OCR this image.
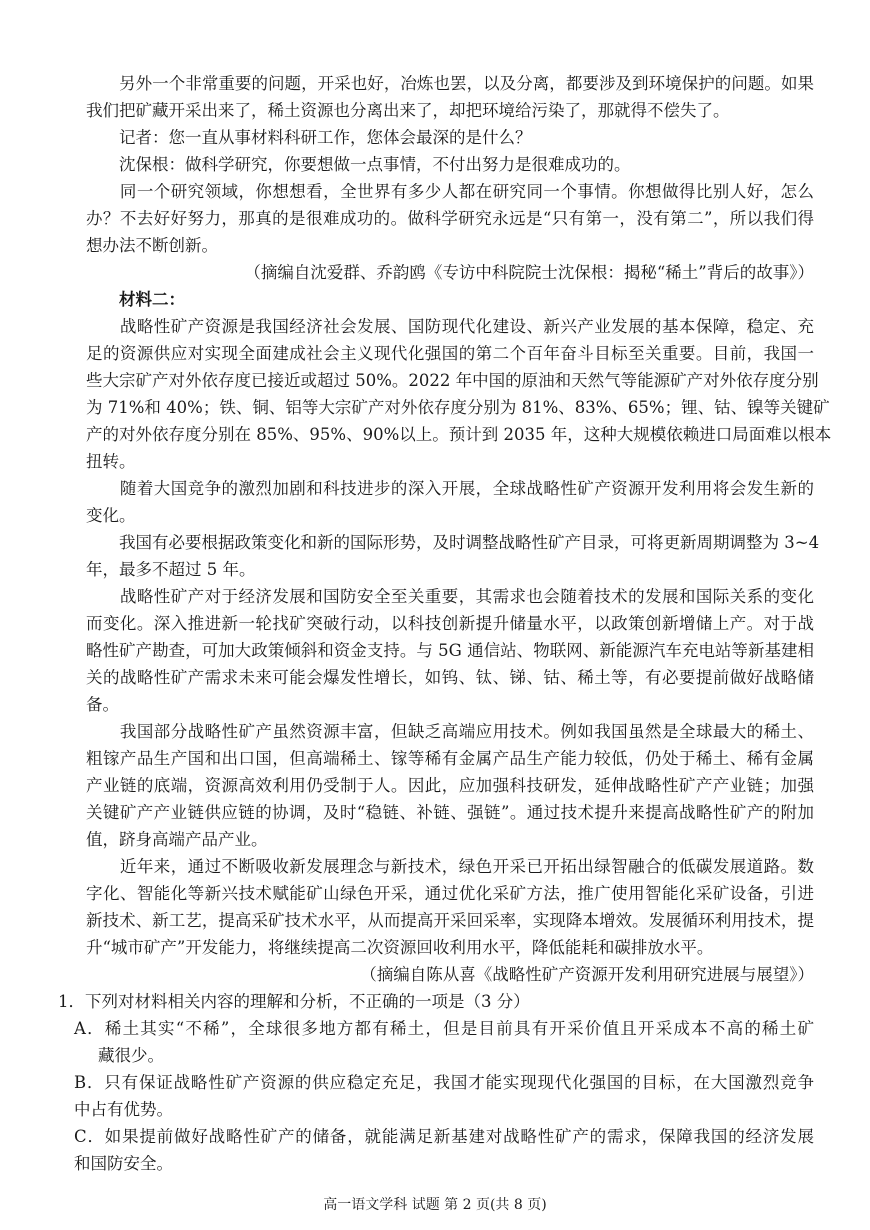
　　另外一个非常重要的问题，开采也好，冶炼也罢，以及分离，都要涉及到环境保护的问题。如果
我们把矿藏开采出来了，稀土资源也分离出来了，却把环境给污染了，那就得不偿失了。
　　记者：您一直从事材料科研工作，您体会最深的是什么？
　　沈保根：做科学研究，你要想做一点事情，不付出努力是很难成功的。
　　同一个研究领域，你想想看，全世界有多少人都在研究同一个事情。你想做得比别人好，怎么
办？不去好好努力，那真的是很难成功的。做科学研究永远是“只有第一，没有第二”，所以我们得
想办法不断创新。
（摘编自沈爱群、乔韵鸥《专访中科院院士沈保根：揭秘“稀土”背后的故事》）
　　材料二：
　　战略性矿产资源是我国经济社会发展、国防现代化建设、新兴产业发展的基本保障，稳定、充
足的资源供应对实现全面建成社会主义现代化强国的第二个百年奋斗目标至关重要。目前，我国一
些大宗矿产对外依存度已接近或超过 50%。2022 年中国的原油和天然气等能源矿产对外依存度分别
为 71%和 40%；铁、铜、铝等大宗矿产对外依存度分别为 81%、83%、65%；锂、钴、镍等关键矿
产的对外依存度分别在 85%、95%、90%以上。预计到 2035 年，这种大规模依赖进口局面难以根本
扭转。
　　随着大国竞争的激烈加剧和科技进步的深入开展，全球战略性矿产资源开发利用将会发生新的
变化。
　　我国有必要根据政策变化和新的国际形势，及时调整战略性矿产目录，可将更新周期调整为 3~4
年，最多不超过 5 年。
　　战略性矿产对于经济发展和国防安全至关重要，其需求也会随着技术的发展和国际关系的变化
而变化。深入推进新一轮找矿突破行动，以科技创新提升储量水平，以政策创新增储上产。对于战
略性矿产勘查，可加大政策倾斜和资金支持。与 5G 通信站、物联网、新能源汽车充电站等新基建相
关的战略性矿产需求未来可能会爆发性增长，如钨、钛、锑、钴、稀土等，有必要提前做好战略储
备。
　　我国部分战略性矿产虽然资源丰富，但缺乏高端应用技术。例如我国虽然是全球最大的稀土、
粗镓产品生产国和出口国，但高端稀土、镓等稀有金属产品生产能力较低，仍处于稀土、稀有金属
产业链的底端，资源高效利用仍受制于人。因此，应加强科技研发，延伸战略性矿产产业链；加强
关键矿产产业链供应链的协调，及时“稳链、补链、强链”。通过技术提升来提高战略性矿产的附加
值，跻身高端产品产业。
　　近年来，通过不断吸收新发展理念与新技术，绿色开采已开拓出绿智融合的低碳发展道路。数
字化、智能化等新兴技术赋能矿山绿色开采，通过优化采矿方法，推广使用智能化采矿设备，引进
新技术、新工艺，提高采矿技术水平，从而提高开采回采率，实现降本增效。发展循环利用技术，提
升“城市矿产”开发能力，将继续提高二次资源回收利用水平，降低能耗和碳排放水平。
（摘编自陈从喜《战略性矿产资源开发利用研究进展与展望》）
1．下列对材料相关内容的理解和分析，不正确的一项是（3 分）
A．稀土其实“不稀”，全球很多地方都有稀土，但是目前具有开采价值且开采成本不高的稀土矿
藏很少。
B．只有保证战略性矿产资源的供应稳定充足，我国才能实现现代化强国的目标，在大国激烈竞争
中占有优势。
C．如果提前做好战略性矿产的储备，就能满足新基建对战略性矿产的需求，保障我国的经济发展
和国防安全。
高一语文学科 试题 第 2 页(共 8 页)
